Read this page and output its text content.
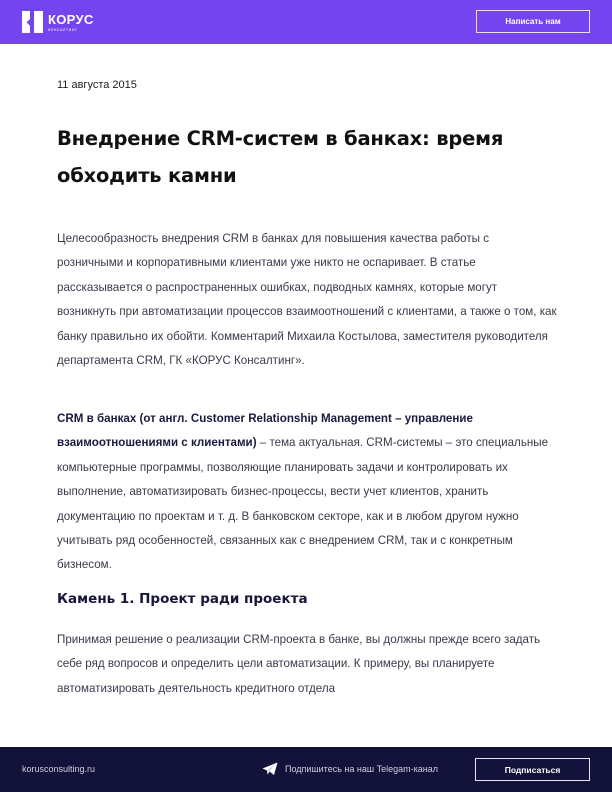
КОРУС
КОНСАЛТИНГ
Написать нам
11 августа 2015
Внедрение CRM-систем в банках: время обходить камни

Целесообразность внедрения CRM в банках для повышения качества работы с розничными и корпоративными клиентами уже никто не оспаривает. В статье рассказывается о распространенных ошибках, подводных камнях, которые могут возникнуть при автоматизации процессов взаимоотношений с клиентами, а также о том, как банку правильно их обойти. Комментарий Михаила Костылова, заместителя руководителя департамента CRM, ГК «КОРУС Консалтинг».

CRM в банках (от англ. Customer Relationship Management – управление взаимоотношениями с клиентами) – тема актуальная. CRM-системы – это специальные компьютерные программы, позволяющие планировать задачи и контролировать их выполнение, автоматизировать бизнес-процессы, вести учет клиентов, хранить документацию по проектам и т. д. В банковском секторе, как и в любом другом нужно учитывать ряд особенностей, связанных как с внедрением CRM, так и с конкретным бизнесом.

Камень 1. Проект ради проекта

Принимая решение о реализации CRM-проекта в банке, вы должны прежде всего задать себе ряд вопросов и определить цели автоматизации. К примеру, вы планируете автоматизировать деятельность кредитного отдела

korusconsulting.ru	Подпишитесь на наш Telegam-канал	Подписаться
